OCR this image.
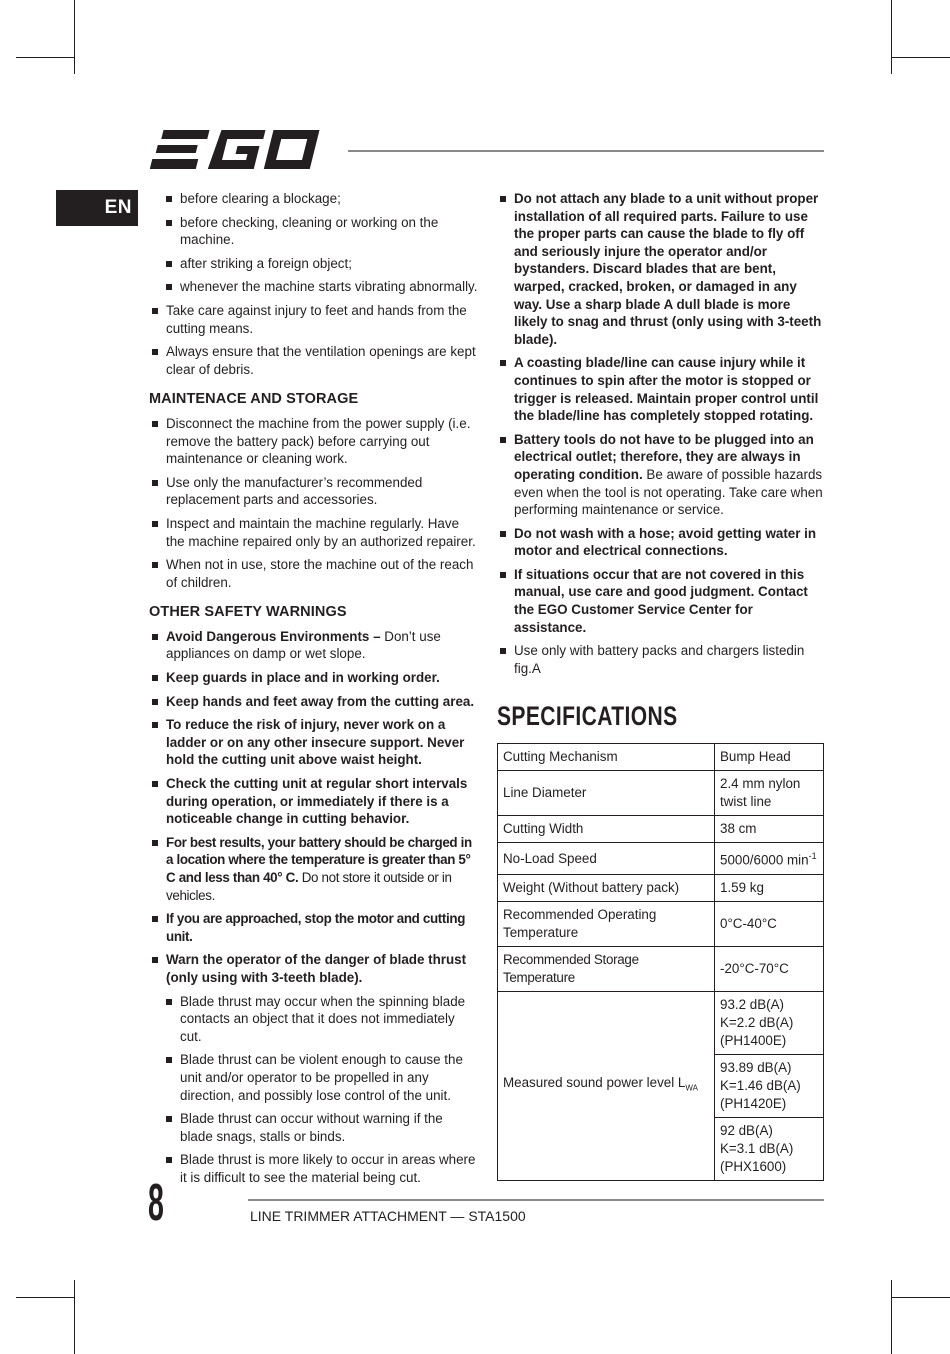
EN	before clearing a blockage;
before checking, cleaning or working on the machine.
after striking a foreign object;
whenever the machine starts vibrating abnormally.
Take care against injury to feet and hands from the cutting means.
Always ensure that the ventilation openings are kept clear of debris.
MAINTENACE AND STORAGE
Disconnect the machine from the power supply (i.e. remove the battery pack) before carrying out maintenance or cleaning work.
Use only the manufacturer’s recommended replacement parts and accessories.
Inspect and maintain the machine regularly. Have the machine repaired only by an authorized repairer.
When not in use, store the machine out of the reach of children.
OTHER SAFETY WARNINGS
Avoid Dangerous Environments – Don’t use appliances on damp or wet slope.
Keep guards in place and in working order.
Keep hands and feet away from the cutting area.
To reduce the risk of injury, never work on a ladder or on any other insecure support. Never hold the cutting unit above waist height.
Check the cutting unit at regular short intervals during operation, or immediately if there is a noticeable change in cutting behavior.
For best results, your battery should be charged in a location where the temperature is greater than 5° C and less than 40° C. Do not store it outside or in vehicles.
If you are approached, stop the motor and cutting unit.
Warn the operator of the danger of blade thrust (only using with 3-teeth blade).
Blade thrust may occur when the spinning blade contacts an object that it does not immediately cut.
Blade thrust can be violent enough to cause the unit and/or operator to be propelled in any direction, and possibly lose control of the unit.
Blade thrust can occur without warning if the blade snags, stalls or binds.
Blade thrust is more likely to occur in areas where it is difficult to see the material being cut.
Do not attach any blade to a unit without proper installation of all required parts. Failure to use the proper parts can cause the blade to fly off and seriously injure the operator and/or bystanders. Discard blades that are bent, warped, cracked, broken, or damaged in any way. Use a sharp blade A dull blade is more likely to snag and thrust (only using with 3-teeth blade).
A coasting blade/line can cause injury while it continues to spin after the motor is stopped or trigger is released. Maintain proper control until the blade/line has completely stopped rotating.
Battery tools do not have to be plugged into an electrical outlet; therefore, they are always in operating condition. Be aware of possible hazards even when the tool is not operating. Take care when performing maintenance or service.
Do not wash with a hose; avoid getting water in motor and electrical connections.
If situations occur that are not covered in this manual, use care and good judgment. Contact the EGO Customer Service Center for assistance.
Use only with battery packs and chargers listedin fig.A
SPECIFICATIONS
Cutting Mechanism	Bump Head
Line Diameter	2.4 mm nylon twist line
Cutting Width	38 cm
No-Load Speed	5000/6000 $\min^{-1}$
Weight (Without battery pack)	1.59 kg
Recommended Operating Temperature	0°C-40°C
Recommended Storage Temperature	-20°C-70°C
Measured sound power level $L_{WA}$	93.2 dB(A)
K=2.2 dB(A)
(PH1400E)

	93.89 dB(A)
K=1.46 dB(A)
(PH1420E)

	92 dB(A)
K=3.1 dB(A)
(PHX1600)
8	LINE TRIMMER ATTACHMENT — STA1500
